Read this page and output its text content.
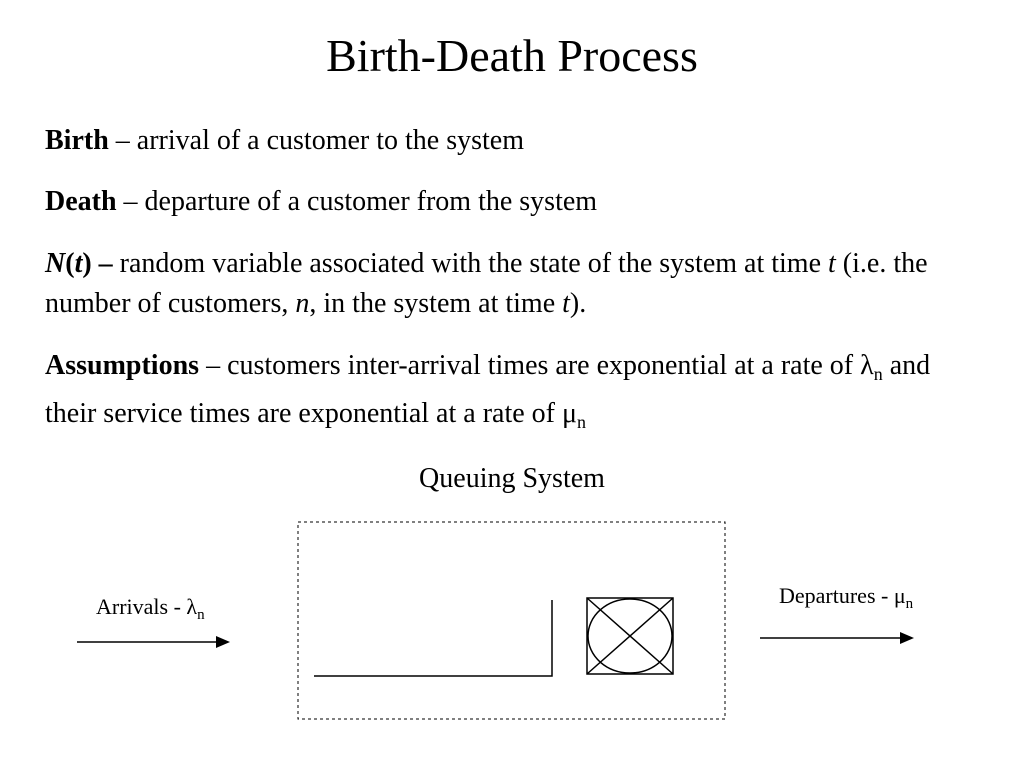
Birth-Death Process
Birth – arrival of a customer to the system
Death – departure of a customer from the system
N(t) – random variable associated with the state of the system at time t (i.e. the number of customers, n, in the system at time t).
Assumptions – customers inter-arrival times are exponential at a rate of $\lambda_n$ and their service times are exponential at a rate of $\mu_n$
Queuing System
Arrivals - $\lambda_n$
Departures - $\mu_n$
